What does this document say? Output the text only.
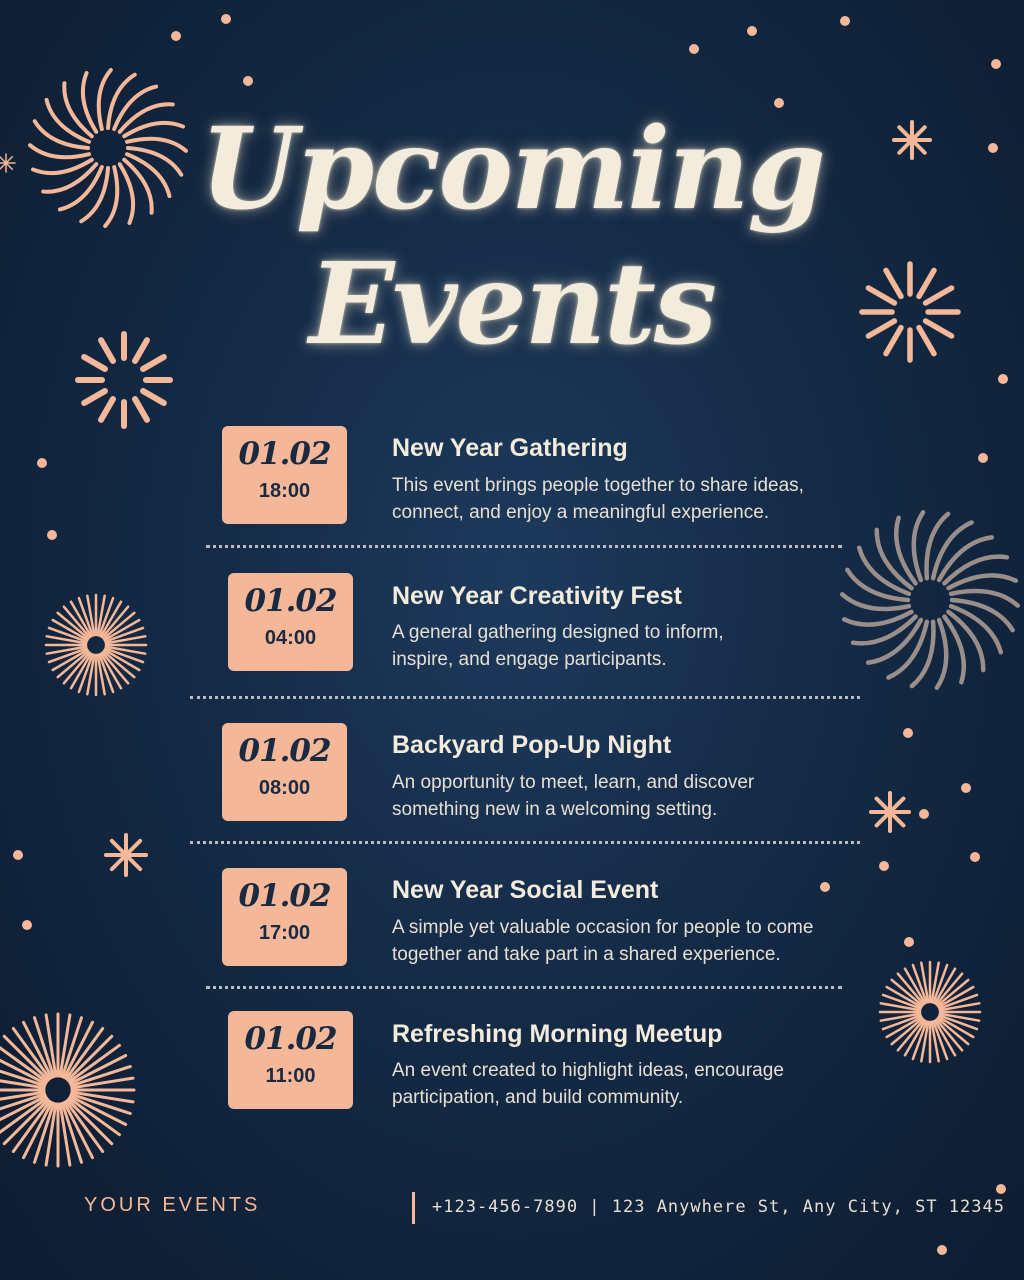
Upcoming
Events
01.02
18:00
New Year Gathering
This event brings people together to share ideas,
connect, and enjoy a meaningful experience.
01.02
04:00
New Year Creativity Fest
A general gathering designed to inform,
inspire, and engage participants.
01.02
08:00
Backyard Pop-Up Night
An opportunity to meet, learn, and discover
something new in a welcoming setting.
01.02
17:00
New Year Social Event
A simple yet valuable occasion for people to come
together and take part in a shared experience.
01.02
11:00
Refreshing Morning Meetup
An event created to highlight ideas, encourage
participation, and build community.
YOUR EVENTS	+123-456-7890 | 123 Anywhere St, Any City, ST 12345
